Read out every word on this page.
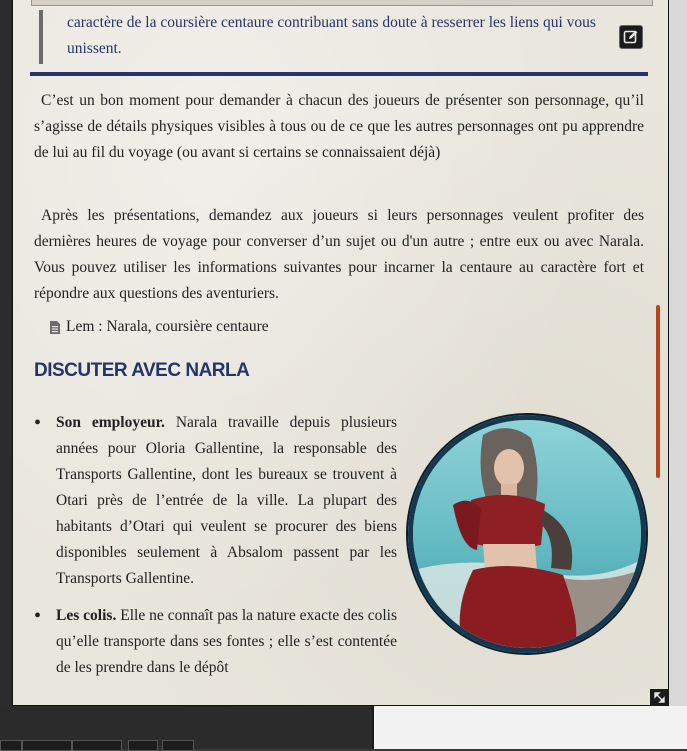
caractère de la coursière centaure contribuant sans doute à resserrer les liens qui vous
unissent.
C’est un bon moment pour demander à chacun des joueurs de présenter son personnage, qu’il s’agisse de détails physiques visibles à tous ou de ce que les autres personnages ont pu apprendre de lui au fil du voyage (ou avant si certains se connaissaient déjà)
Après les présentations, demandez aux joueurs si leurs personnages veulent profiter des dernières heures de voyage pour converser d’un sujet ou d'un autre ; entre eux ou avec Narala. Vous pouvez utiliser les informations suivantes pour incarner la centaure au caractère fort et répondre aux questions des aventuriers.
Lem : Narala, coursière centaure
DISCUTER AVEC NARLA
• Son employeur. Narala travaille depuis plusieurs années pour Oloria Gallentine, la responsable des Transports Gallentine, dont les bureaux se trouvent à Otari près de l’entrée de la ville. La plupart des habitants d’Otari qui veulent se procurer des biens disponibles seulement à Absalom passent par les Transports Gallentine.
• Les colis. Elle ne connaît pas la nature exacte des colis qu’elle transporte dans ses fontes ; elle s’est contentée de les prendre dans le dépôt
